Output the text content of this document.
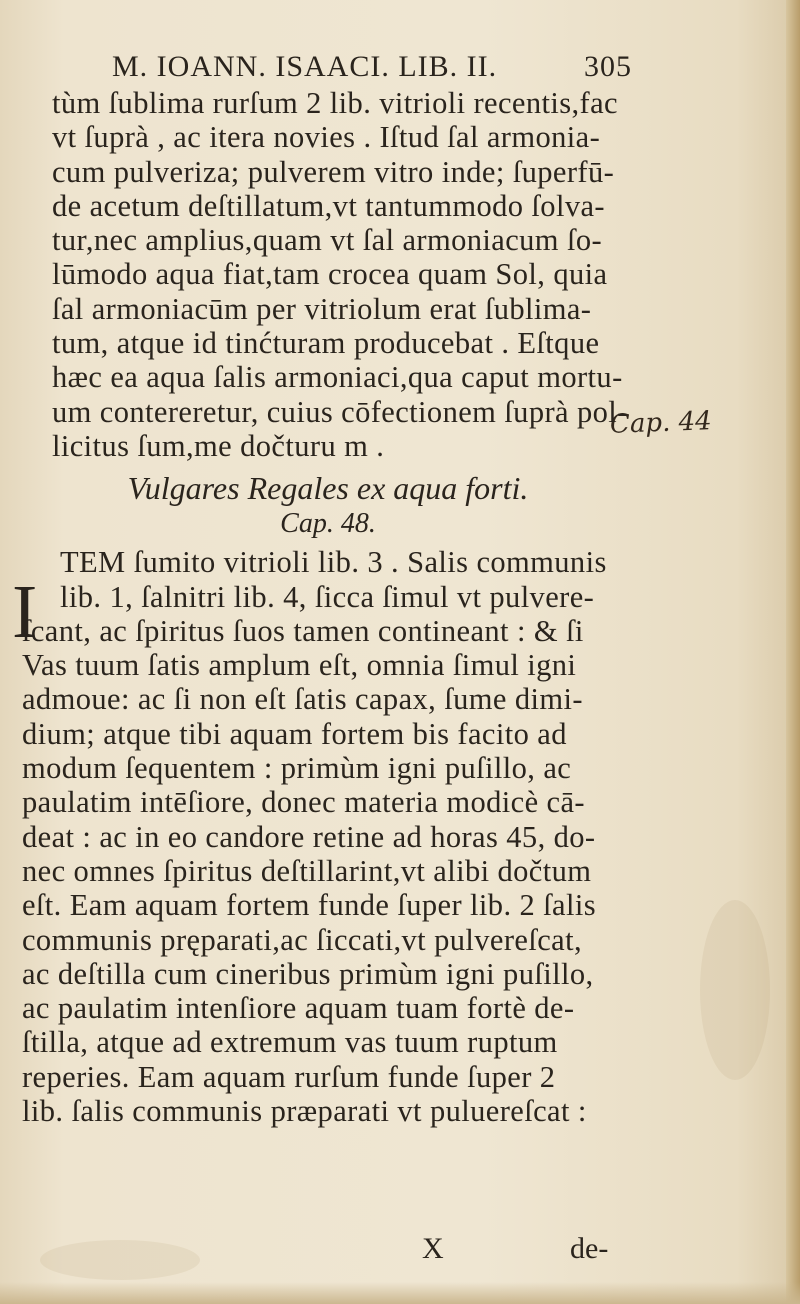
M. IOANN. ISAACI. LIB. II.	305
Cap. 44
tùm ſublima rurſum 2 lib. vitrioli recentis,fac
vt ſuprà , ac itera novies . Iſtud ſal armonia-
cum pulveriza; pulverem vitro inde; ſuperfū-
de acetum deſtillatum,vt tantummodo ſolva-
tur,nec amplius,quam vt ſal armoniacum ſo-
lūmodo aqua fiat,tam crocea quam Sol, quia
ſal armoniacūm per vitriolum erat ſublima-
tum, atque id tinćturam producebat . Eſtque
hæc ea aqua ſalis armoniaci,qua caput mortu-
um contereretur, cuius cōfectionem ſuprà pol-
licitus ſum,me dočturu m .
Vulgares Regales ex aqua forti.
Cap. 48.
TEM ſumito vitrioli lib. 3 . Salis communis
lib. 1, ſalnitri lib. 4, ſicca ſimul vt pulvere-
ſcant, ac ſpiritus ſuos tamen contineant : & ſi
Vas tuum ſatis amplum eſt, omnia ſimul igni
admoue: ac ſi non eſt ſatis capax, ſume dimi-
dium; atque tibi aquam fortem bis facito ad
modum ſequentem : primùm igni puſillo, ac
paulatim intēſiore, donec materia modicè cā-
deat : ac in eo candore retine ad horas 45, do-
nec omnes ſpiritus deſtillarint,vt alibi dočtum
eſt. Eam aquam fortem funde ſuper lib. 2 ſalis
communis pręparati,ac ſiccati,vt pulvereſcat,
ac deſtilla cum cineribus primùm igni puſillo,
ac paulatim intenſiore aquam tuam fortè de-
ſtilla, atque ad extremum vas tuum ruptum
reperies. Eam aquam rurſum funde ſuper 2
lib. ſalis communis præparati vt puluereſcat :
I
X	de-
